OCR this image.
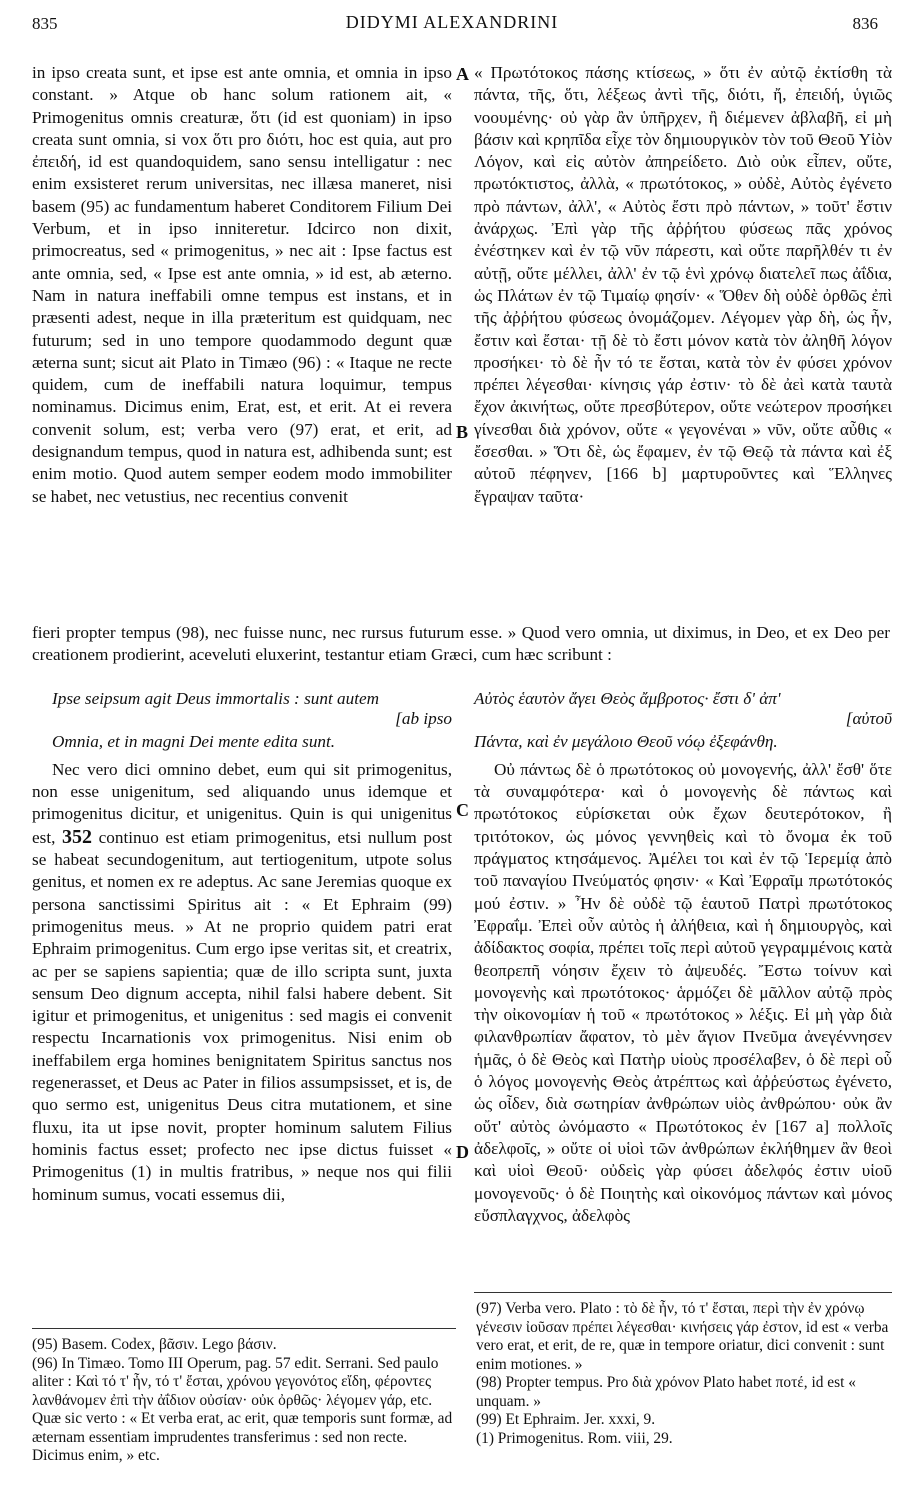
835	DIDYMI ALEXANDRINI	836

in ipso creata sunt, et ipse est ante omnia, et omnia in ipso constant. » Atque ob hanc solum rationem ait, « Primogenitus omnis creaturæ, ὅτι (id est quoniam) in ipso creata sunt omnia, si vox ὅτι pro διότι, hoc est quia, aut pro ἐπειδή, id est quandoquidem, sano sensu intelligatur : nec enim exsisteret rerum universitas, nec illæsa maneret, nisi basem (95) ac fundamentum haberet Conditorem Filium Dei Verbum, et in ipso inniteretur. Idcirco non dixit, primocreatus, sed « primogenitus, » nec ait : Ipse factus est ante omnia, sed, « Ipse est ante omnia, » id est, ab æterno. Nam in natura ineffabili omne tempus est instans, et in præsenti adest, neque in illa præteritum est quidquam, nec futurum; sed in uno tempore quodammodo degunt quæ æterna sunt; sicut ait Plato in Timæo (96) : « Itaque ne recte quidem, cum de ineffabili natura loquimur, tempus nominamus. Dicimus enim, Erat, est, et erit. At ei revera convenit solum, est; verba vero (97) erat, et erit, ad designandum tempus, quod in natura est, adhibenda sunt; est enim motio. Quod autem semper eodem modo immobiliter se habet, nec vetustius, nec recentius convenit

« Πρωτότοκος πάσης κτίσεως, » ὅτι ἐν αὐτῷ ἐκτίσθη τὰ πάντα, τῆς, ὅτι, λέξεως ἀντὶ τῆς, διότι, ἤ, ἐπειδή, ὑγιῶς νοουμένης· οὐ γὰρ ἂν ὑπῆρχεν, ἢ διέμενεν ἀβλαβῆ, εἰ μὴ βάσιν καὶ κρηπῖδα εἶχε τὸν δημιουργικὸν τὸν τοῦ Θεοῦ Υἱὸν Λόγον, καὶ εἰς αὐτὸν ἀπηρείδετο. Διὸ οὐκ εἶπεν, οὔτε, πρωτόκτιστος, ἀλλὰ, « πρωτότοκος, » οὐδὲ, Αὐτὸς ἐγένετο πρὸ πάντων, ἀλλ', « Αὐτὸς ἔστι πρὸ πάντων, » τοῦτ' ἔστιν ἀνάρχως. Ἐπὶ γὰρ τῆς ἀῤῥήτου φύσεως πᾶς χρόνος ἐνέστηκεν καὶ ἐν τῷ νῦν πάρεστι, καὶ οὔτε παρῆλθέν τι ἐν αὐτῇ, οὔτε μέλλει, ἀλλ' ἐν τῷ ἑνὶ χρόνῳ διατελεῖ πως ἀΐδια, ὡς Πλάτων ἐν τῷ Τιμαίῳ φησίν· « Ὅθεν δὴ οὐδὲ ὀρθῶς ἐπὶ τῆς ἀῤῥήτου φύσεως ὀνομάζομεν. Λέγομεν γὰρ δὴ, ὡς ἦν, ἔστιν καὶ ἔσται· τῇ δὲ τὸ ἔστι μόνον κατὰ τὸν ἀληθῆ λόγον προσήκει· τὸ δὲ ἦν τό τε ἔσται, κατὰ τὸν ἐν φύσει χρόνον πρέπει λέγεσθαι· κίνησις γάρ ἐστιν· τὸ δὲ ἀεὶ κατὰ ταυτὰ ἔχον ἀκινήτως, οὔτε πρεσβύτερον, οὔτε νεώτερον προσήκει γίνεσθαι διὰ χρόνον, οὔτε « γεγονέναι » νῦν, οὔτε αὖθις « ἔσεσθαι. » Ὅτι δὲ, ὡς ἔφαμεν, ἐν τῷ Θεῷ τὰ πάντα καὶ ἐξ αὐτοῦ πέφηνεν, [166 b] μαρτυροῦντες καὶ Ἕλληνες ἔγραψαν ταῦτα·

A
B
C
D
fieri propter tempus (98), nec fuisse nunc, nec rursus futurum esse. » Quod vero omnia, ut diximus, in Deo, et ex Deo per creationem prodierint, aceveluti eluxerint, testantur etiam Græci, cum hæc scribunt :

Ipse seipsum agit Deus immortalis : sunt autem

[ab ipso

Omnia, et in magni Dei mente edita sunt.

Nec vero dici omnino debet, eum qui sit primogenitus, non esse unigenitum, sed aliquando unus idemque et primogenitus dicitur, et unigenitus. Quin is qui unigenitus est, 352 continuo est etiam primogenitus, etsi nullum post se habeat secundogenitum, aut tertiogenitum, utpote solus genitus, et nomen ex re adeptus. Ac sane Jeremias quoque ex persona sanctissimi Spiritus ait : « Et Ephraim (99) primogenitus meus. » At ne proprio quidem patri erat Ephraim primogenitus. Cum ergo ipse veritas sit, et creatrix, ac per se sapiens sapientia; quæ de illo scripta sunt, juxta sensum Deo dignum accepta, nihil falsi habere debent. Sit igitur et primogenitus, et unigenitus : sed magis ei convenit respectu Incarnationis vox primogenitus. Nisi enim ob ineffabilem erga homines benignitatem Spiritus sanctus nos regenerasset, et Deus ac Pater in filios assumpsisset, et is, de quo sermo est, unigenitus Deus citra mutationem, et sine fluxu, ita ut ipse novit, propter hominum salutem Filius hominis factus esset; profecto nec ipse dictus fuisset « Primogenitus (1) in multis fratribus, » neque nos qui filii hominum sumus, vocati essemus dii,

Αὐτὸς ἑαυτὸν ἄγει Θεὸς ἄμβροτος· ἔστι δ' ἀπ'

[αὐτοῦ

Πάντα, καὶ ἐν μεγάλοιο Θεοῦ νόῳ ἐξεφάνθη.

Οὐ πάντως δὲ ὁ πρωτότοκος οὐ μονογενής, ἀλλ' ἔσθ' ὅτε τὰ συναμφότερα· καὶ ὁ μονογενὴς δὲ πάντως καὶ πρωτότοκος εὑρίσκεται οὐκ ἔχων δευτερότοκον, ἢ τριτότοκον, ὡς μόνος γεννηθεὶς καὶ τὸ ὄνομα ἐκ τοῦ πράγματος κτησάμενος. Ἀμέλει τοι καὶ ἐν τῷ Ἱερεμίᾳ ἀπὸ τοῦ παναγίου Πνεύματός φησιν· « Καὶ Ἐφραῖμ πρωτότοκός μού ἐστιν. » Ἦν δὲ οὐδὲ τῷ ἑαυτοῦ Πατρὶ πρωτότοκος Ἐφραΐμ. Ἐπεὶ οὖν αὐτὸς ἡ ἀλήθεια, καὶ ἡ δημιουργὸς, καὶ ἀδίδακτος σοφία, πρέπει τοῖς περὶ αὐτοῦ γεγραμμένοις κατὰ θεοπρεπῆ νόησιν ἔχειν τὸ ἀψευδές. Ἔστω τοίνυν καὶ μονογενὴς καὶ πρωτότοκος· ἁρμόζει δὲ μᾶλλον αὐτῷ πρὸς τὴν οἰκονομίαν ἡ τοῦ « πρωτότοκος » λέξις. Εἰ μὴ γὰρ διὰ φιλανθρωπίαν ἄφατον, τὸ μὲν ἅγιον Πνεῦμα ἀνεγέννησεν ἡμᾶς, ὁ δὲ Θεὸς καὶ Πατὴρ υἱοὺς προσέλαβεν, ὁ δὲ περὶ οὗ ὁ λόγος μονογενὴς Θεὸς ἀτρέπτως καὶ ἀῤῥεύστως ἐγένετο, ὡς οἶδεν, διὰ σωτηρίαν ἀνθρώπων υἱὸς ἀνθρώπου· οὐκ ἂν οὔτ' αὐτὸς ὠνόμαστο « Πρωτότοκος ἐν [167 a] πολλοῖς ἀδελφοῖς, » οὔτε οἱ υἱοὶ τῶν ἀνθρώπων ἐκλήθημεν ἂν θεοὶ καὶ υἱοὶ Θεοῦ· οὐδεὶς γὰρ φύσει ἀδελφός ἐστιν υἱοῦ μονογενοῦς· ὁ δὲ Ποιητὴς καὶ οἰκονόμος πάντων καὶ μόνος εὔσπλαγχνος, ἀδελφὸς

(95) Basem. Codex, βᾶσιν. Lego βάσιν.
(96) In Timæo. Tomo III Operum, pag. 57 edit. Serrani. Sed paulo aliter : Καὶ τό τ' ἦν, τό τ' ἔσται, χρόνου γεγονότος εἴδη, φέροντες λανθάνομεν ἐπὶ τὴν ἀΐδιον οὐσίαν· οὐκ ὀρθῶς· λέγομεν γάρ, etc. Quæ sic verto : « Et verba erat, ac erit, quæ temporis sunt formæ, ad æternam essentiam imprudentes transferimus : sed non recte. Dicimus enim, » etc.
(97) Verba vero. Plato : τὸ δὲ ἦν, τό τ' ἔσται, περὶ τὴν ἐν χρόνῳ γένεσιν ἰοῦσαν πρέπει λέγεσθαι· κινήσεις γάρ ἐστον, id est « verba vero erat, et erit, de re, quæ in tempore oriatur, dici convenit : sunt enim motiones. »
(98) Propter tempus. Pro διὰ χρόνον Plato habet ποτέ, id est « unquam. »
(99) Et Ephraim. Jer. xxxi, 9.
(1) Primogenitus. Rom. viii, 29.
